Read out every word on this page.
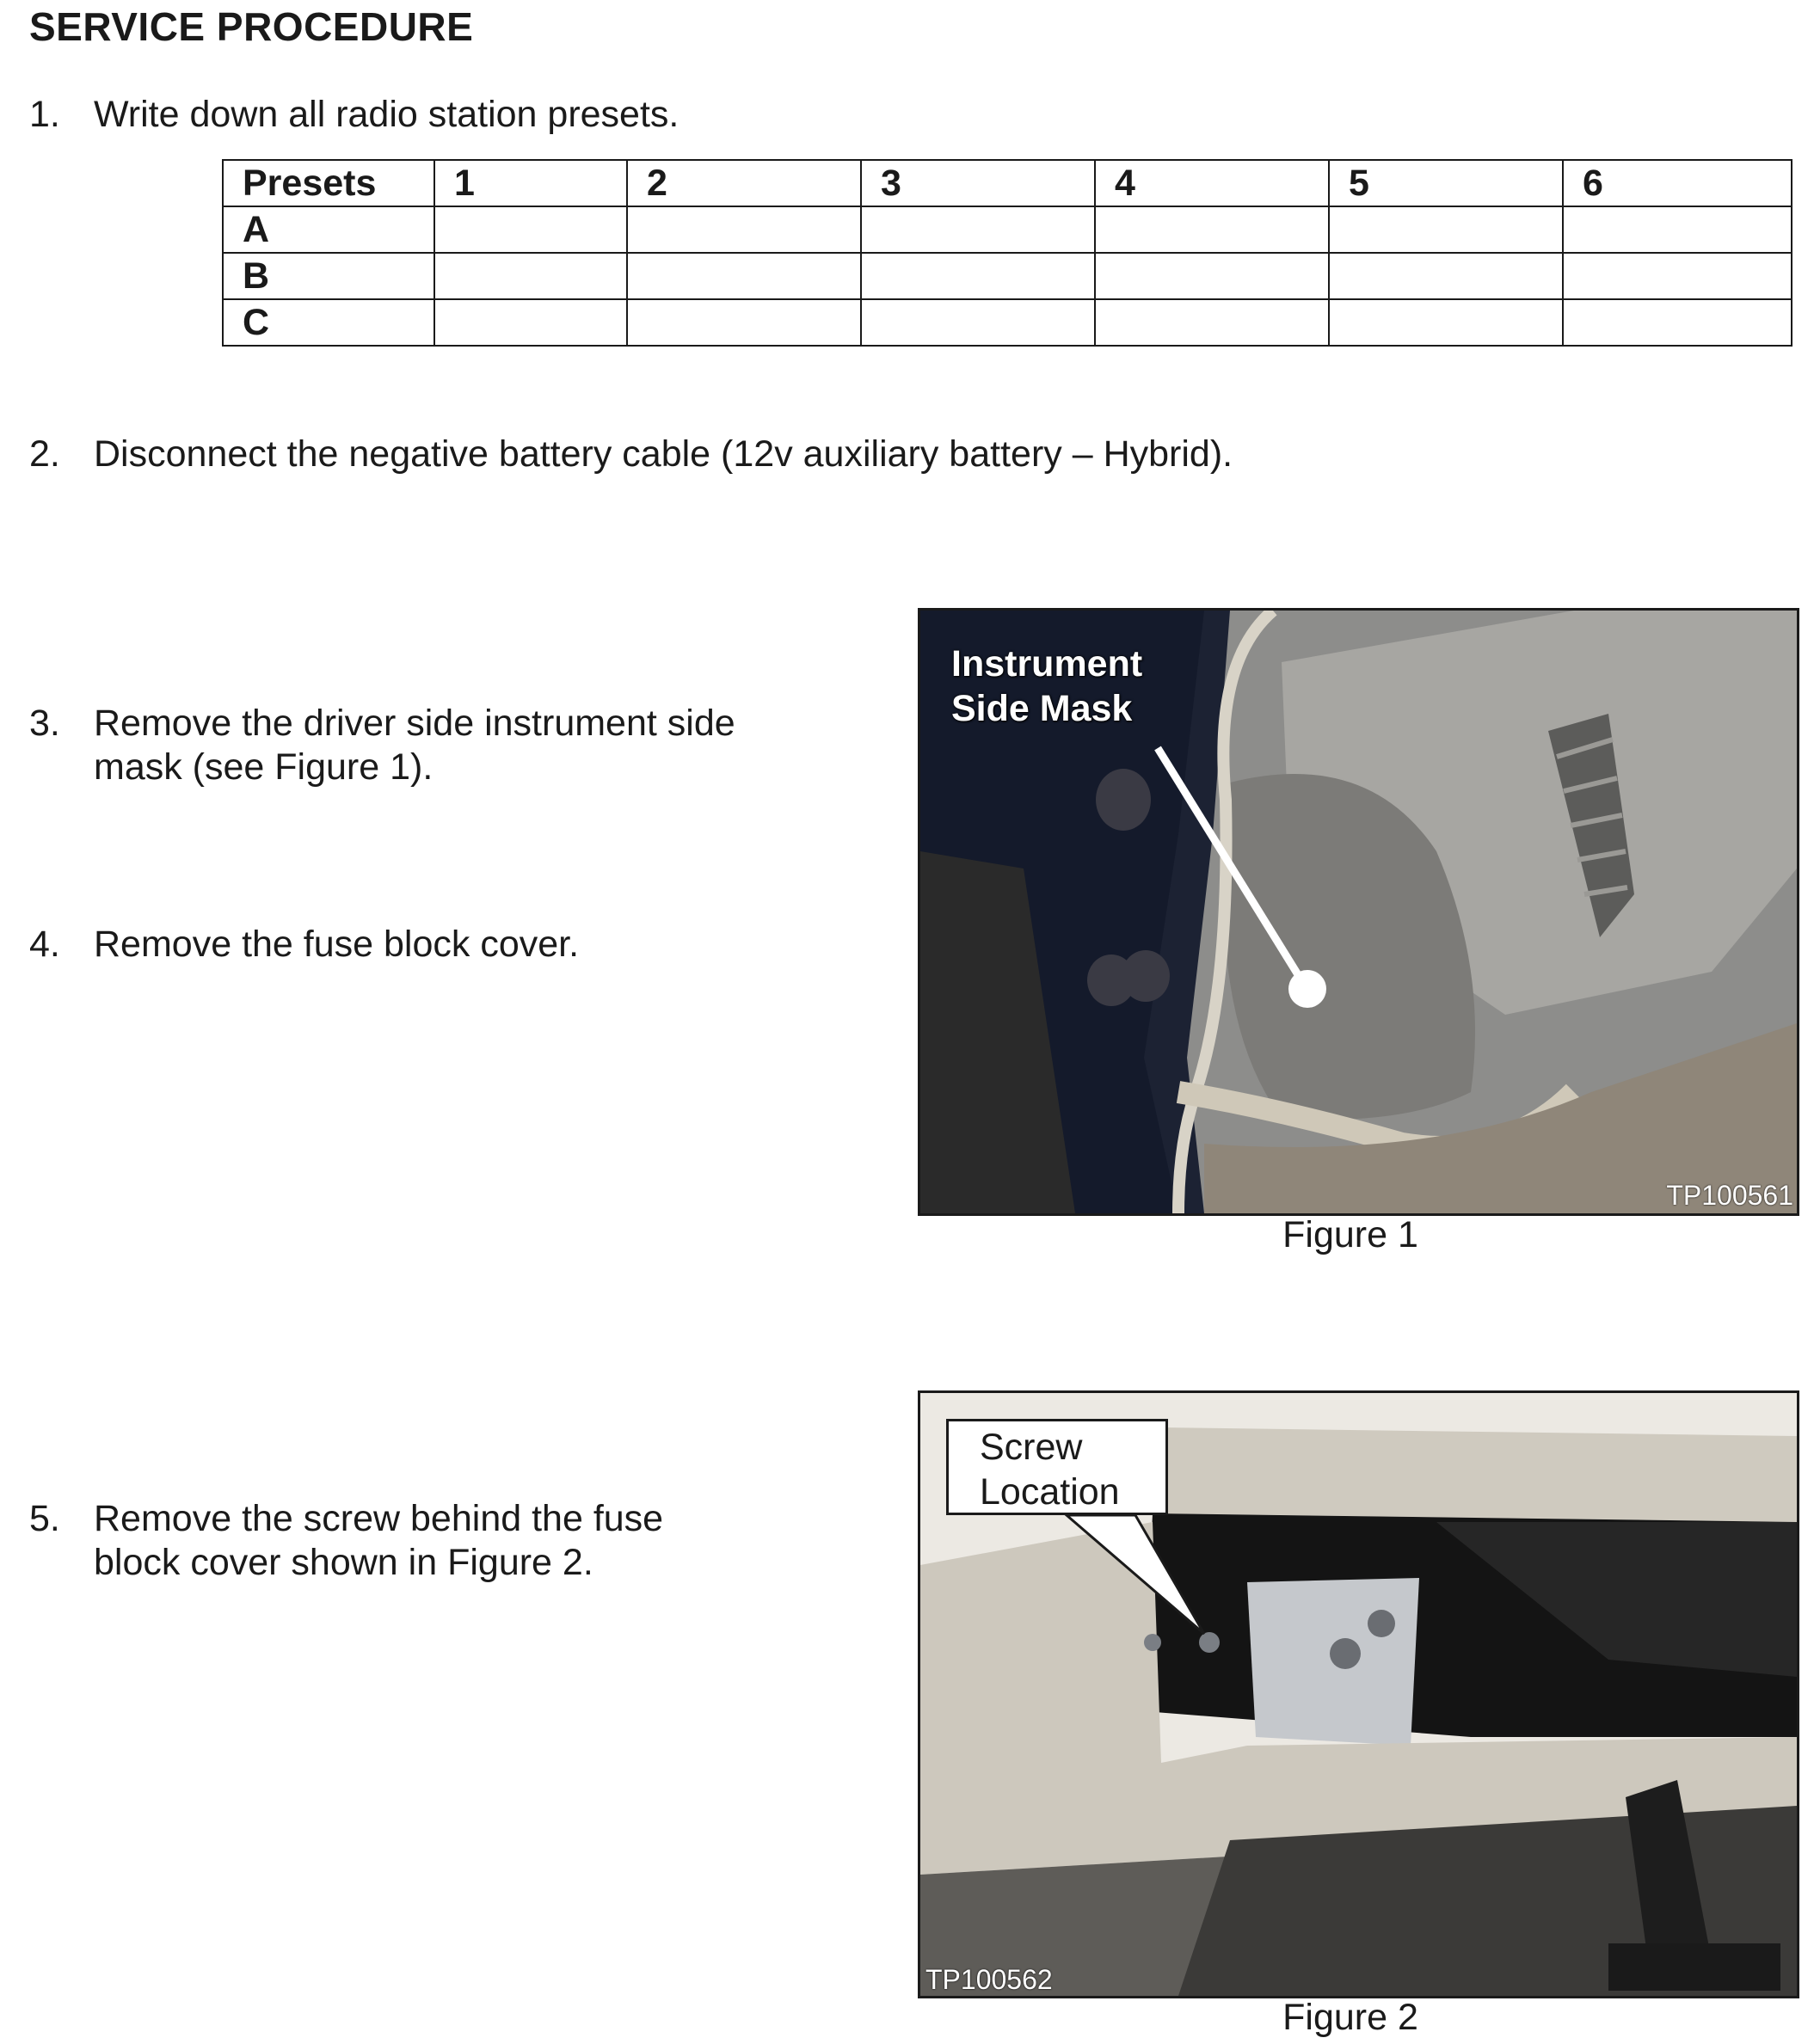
SERVICE PROCEDURE
1. Write down all radio station presets.
Presets	1	2	3	4	5	6
A						
B						
C						
2. Disconnect the negative battery cable (12v auxiliary battery – Hybrid).
3. Remove the driver side instrument side
mask (see Figure 1).
4. Remove the fuse block cover.
5. Remove the screw behind the fuse
block cover shown in Figure 2.
Instrument
Side Mask
TP100561
Figure 1
Screw
Location
TP100562
Figure 2
